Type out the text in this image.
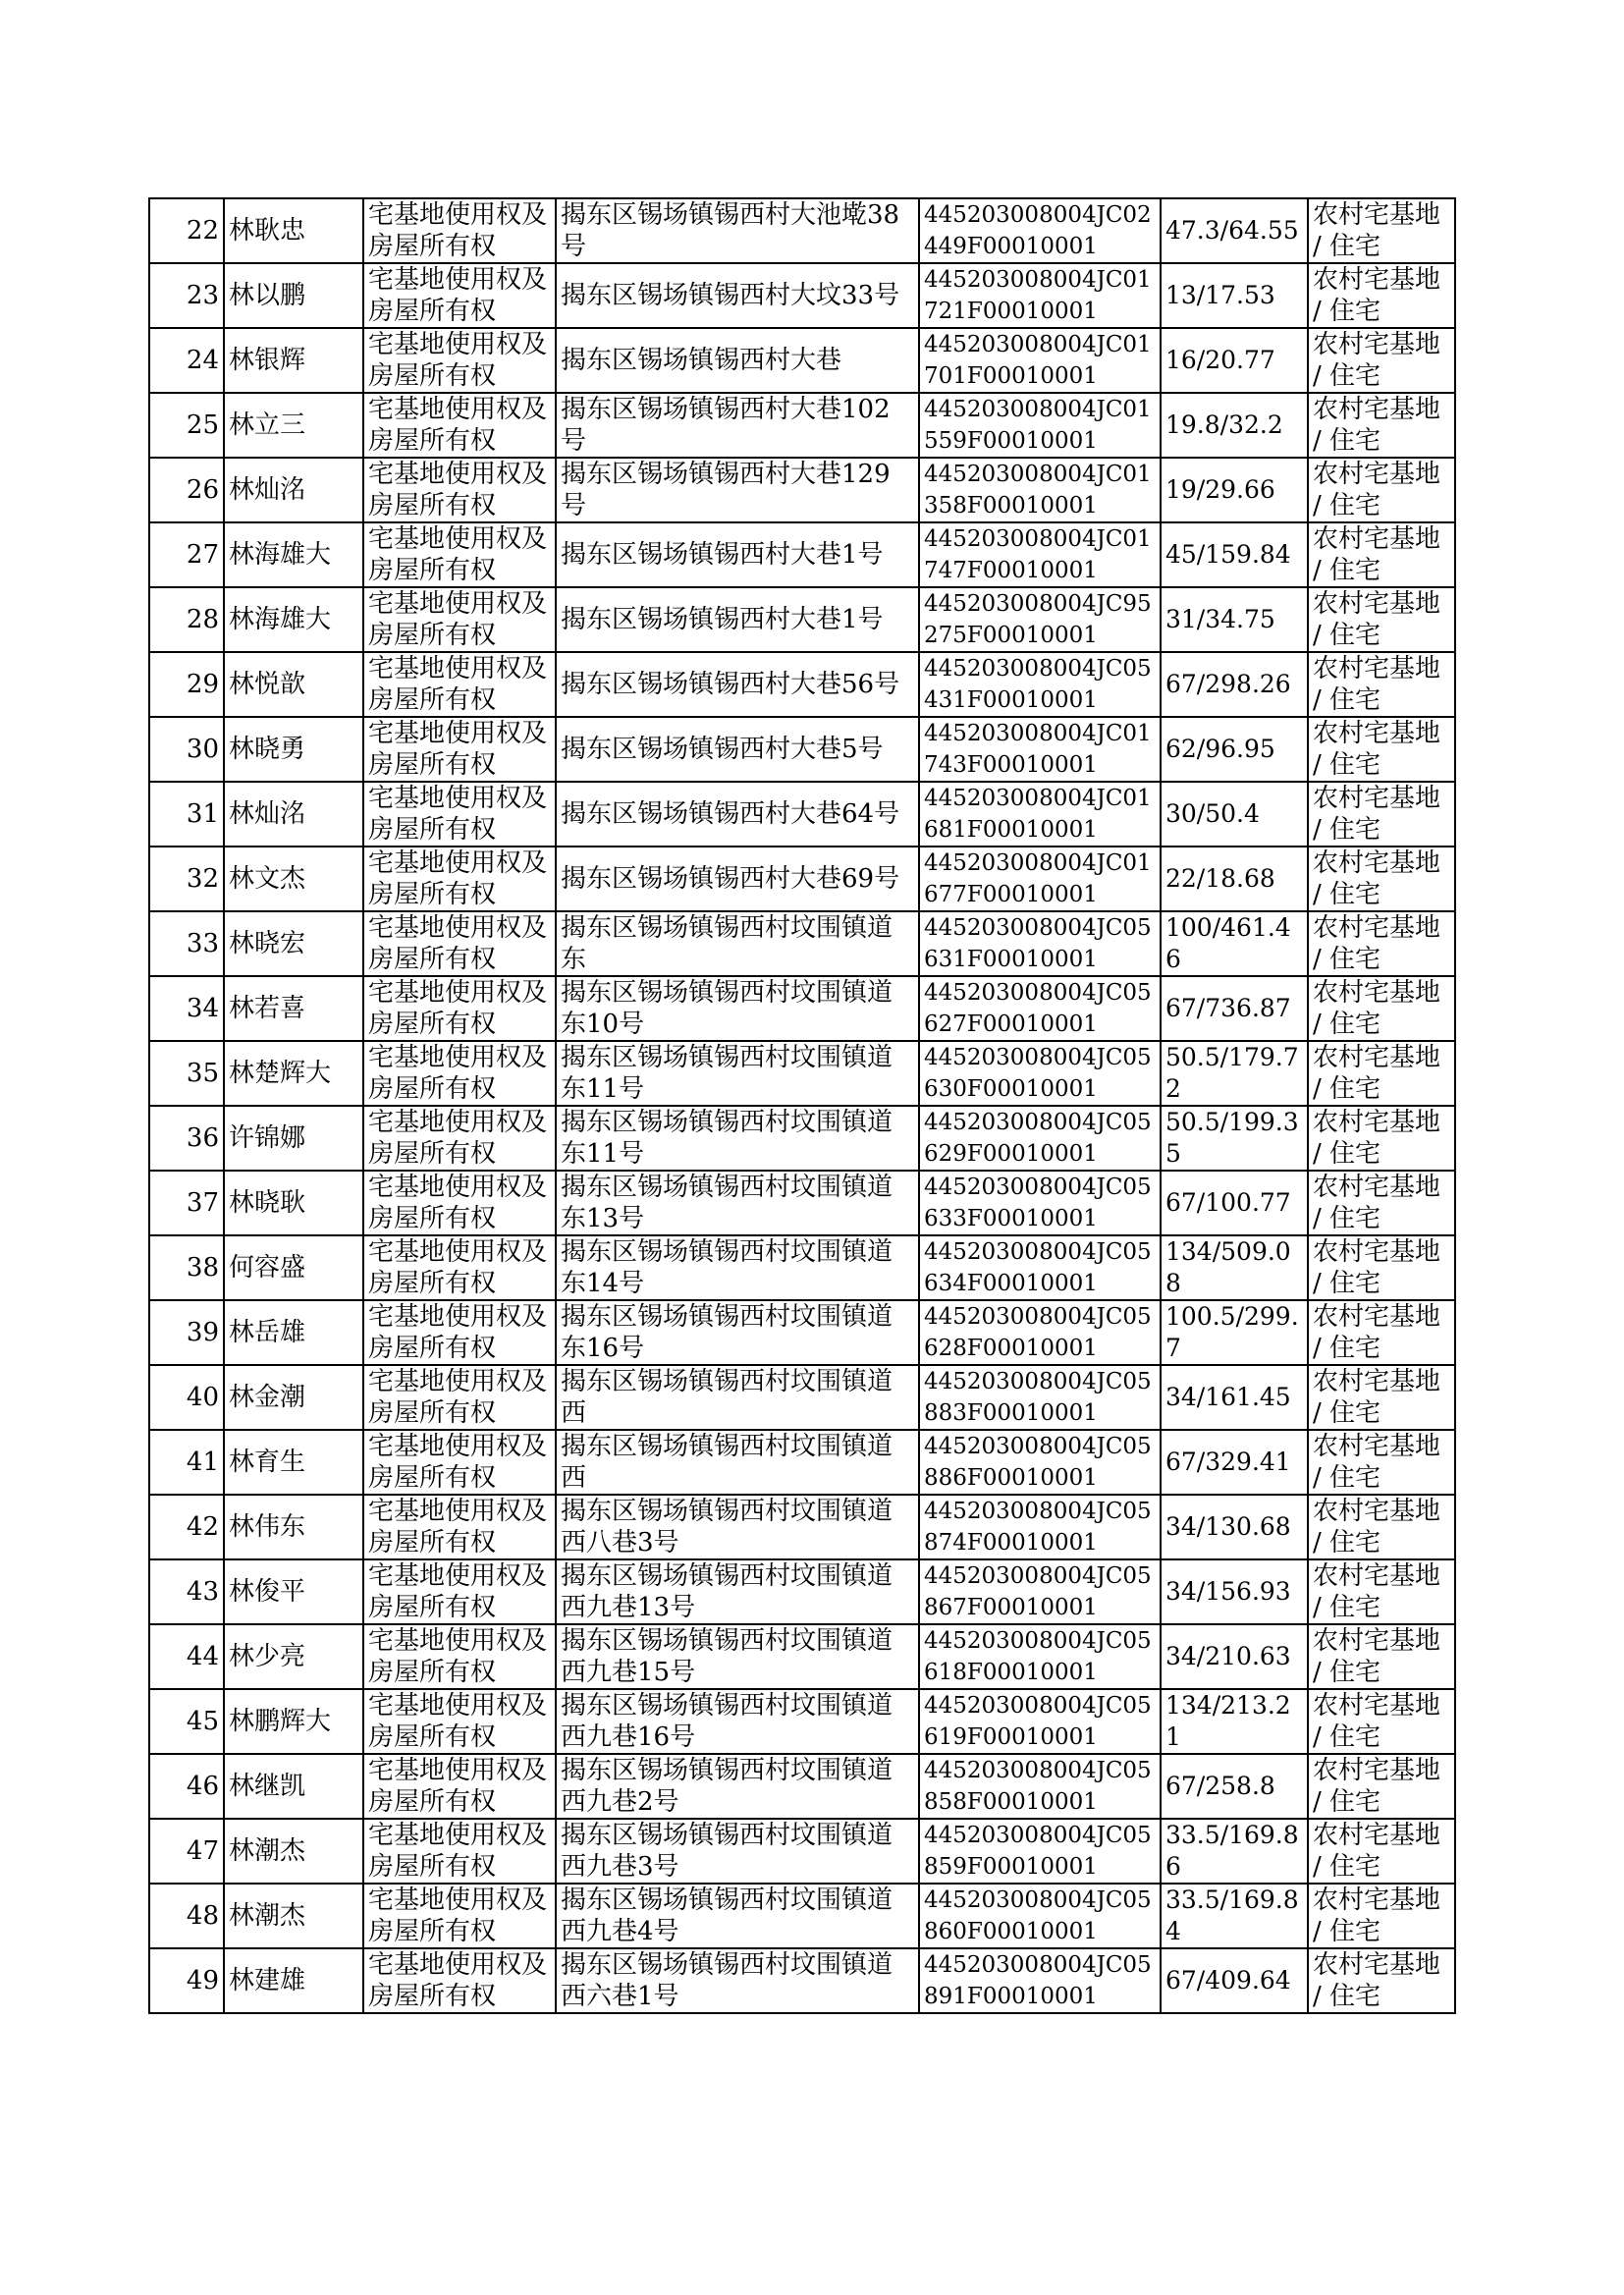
22	林耿忠	宅基地使用权及房屋所有权	揭东区锡场镇锡西村大池墘38号	445203008004JC02449F00010001	47.3/64.55	农村宅基地 / 住宅
23	林以鹏	宅基地使用权及房屋所有权	揭东区锡场镇锡西村大坟33号	445203008004JC01721F00010001	13/17.53	农村宅基地 / 住宅
24	林银辉	宅基地使用权及房屋所有权	揭东区锡场镇锡西村大巷	445203008004JC01701F00010001	16/20.77	农村宅基地 / 住宅
25	林立三	宅基地使用权及房屋所有权	揭东区锡场镇锡西村大巷102号	445203008004JC01559F00010001	19.8/32.2	农村宅基地 / 住宅
26	林灿洺	宅基地使用权及房屋所有权	揭东区锡场镇锡西村大巷129号	445203008004JC01358F00010001	19/29.66	农村宅基地 / 住宅
27	林海雄大	宅基地使用权及房屋所有权	揭东区锡场镇锡西村大巷1号	445203008004JC01747F00010001	45/159.84	农村宅基地 / 住宅
28	林海雄大	宅基地使用权及房屋所有权	揭东区锡场镇锡西村大巷1号	445203008004JC95275F00010001	31/34.75	农村宅基地 / 住宅
29	林悦歆	宅基地使用权及房屋所有权	揭东区锡场镇锡西村大巷56号	445203008004JC05431F00010001	67/298.26	农村宅基地 / 住宅
30	林晓勇	宅基地使用权及房屋所有权	揭东区锡场镇锡西村大巷5号	445203008004JC01743F00010001	62/96.95	农村宅基地 / 住宅
31	林灿洺	宅基地使用权及房屋所有权	揭东区锡场镇锡西村大巷64号	445203008004JC01681F00010001	30/50.4	农村宅基地 / 住宅
32	林文杰	宅基地使用权及房屋所有权	揭东区锡场镇锡西村大巷69号	445203008004JC01677F00010001	22/18.68	农村宅基地 / 住宅
33	林晓宏	宅基地使用权及房屋所有权	揭东区锡场镇锡西村坟围镇道东	445203008004JC05631F00010001	100/461.46	农村宅基地 / 住宅
34	林若喜	宅基地使用权及房屋所有权	揭东区锡场镇锡西村坟围镇道东10号	445203008004JC05627F00010001	67/736.87	农村宅基地 / 住宅
35	林楚辉大	宅基地使用权及房屋所有权	揭东区锡场镇锡西村坟围镇道东11号	445203008004JC05630F00010001	50.5/179.72	农村宅基地 / 住宅
36	许锦娜	宅基地使用权及房屋所有权	揭东区锡场镇锡西村坟围镇道东11号	445203008004JC05629F00010001	50.5/199.35	农村宅基地 / 住宅
37	林晓耿	宅基地使用权及房屋所有权	揭东区锡场镇锡西村坟围镇道东13号	445203008004JC05633F00010001	67/100.77	农村宅基地 / 住宅
38	何容盛	宅基地使用权及房屋所有权	揭东区锡场镇锡西村坟围镇道东14号	445203008004JC05634F00010001	134/509.08	农村宅基地 / 住宅
39	林岳雄	宅基地使用权及房屋所有权	揭东区锡场镇锡西村坟围镇道东16号	445203008004JC05628F00010001	100.5/299.7	农村宅基地 / 住宅
40	林金潮	宅基地使用权及房屋所有权	揭东区锡场镇锡西村坟围镇道西	445203008004JC05883F00010001	34/161.45	农村宅基地 / 住宅
41	林育生	宅基地使用权及房屋所有权	揭东区锡场镇锡西村坟围镇道西	445203008004JC05886F00010001	67/329.41	农村宅基地 / 住宅
42	林伟东	宅基地使用权及房屋所有权	揭东区锡场镇锡西村坟围镇道西八巷3号	445203008004JC05874F00010001	34/130.68	农村宅基地 / 住宅
43	林俊平	宅基地使用权及房屋所有权	揭东区锡场镇锡西村坟围镇道西九巷13号	445203008004JC05867F00010001	34/156.93	农村宅基地 / 住宅
44	林少亮	宅基地使用权及房屋所有权	揭东区锡场镇锡西村坟围镇道西九巷15号	445203008004JC05618F00010001	34/210.63	农村宅基地 / 住宅
45	林鹏辉大	宅基地使用权及房屋所有权	揭东区锡场镇锡西村坟围镇道西九巷16号	445203008004JC05619F00010001	134/213.21	农村宅基地 / 住宅
46	林继凯	宅基地使用权及房屋所有权	揭东区锡场镇锡西村坟围镇道西九巷2号	445203008004JC05858F00010001	67/258.8	农村宅基地 / 住宅
47	林潮杰	宅基地使用权及房屋所有权	揭东区锡场镇锡西村坟围镇道西九巷3号	445203008004JC05859F00010001	33.5/169.86	农村宅基地 / 住宅
48	林潮杰	宅基地使用权及房屋所有权	揭东区锡场镇锡西村坟围镇道西九巷4号	445203008004JC05860F00010001	33.5/169.84	农村宅基地 / 住宅
49	林建雄	宅基地使用权及房屋所有权	揭东区锡场镇锡西村坟围镇道西六巷1号	445203008004JC05891F00010001	67/409.64	农村宅基地 / 住宅
